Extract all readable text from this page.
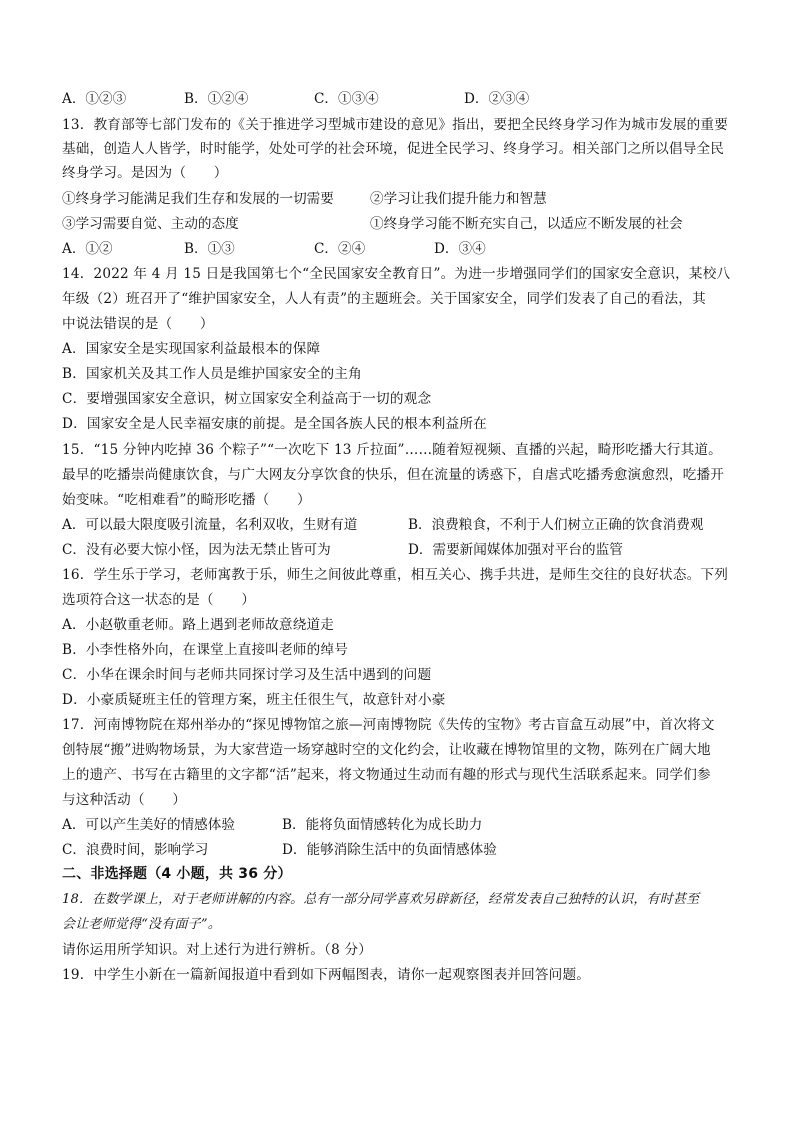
A．①②③	B．①②④	C．①③④	D．②③④
13．教育部等七部门发布的《关于推进学习型城市建设的意见》指出，要把全民终身学习作为城市发展的重要
基础，创造人人皆学，时时能学，处处可学的社会环境，促进全民学习、终身学习。相关部门之所以倡导全民
终身学习。是因为（　　）
①终身学习能满足我们生存和发展的一切需要	②学习让我们提升能力和智慧
③学习需要自觉、主动的态度	①终身学习能不断充实自己，以适应不断发展的社会
A．①②	B．①③	C．②④	D．③④
14．2022 年 4 月 15 日是我国第七个“全民国家安全教育日”。为进一步增强同学们的国家安全意识，某校八
年级（2）班召开了“维护国家安全，人人有责”的主题班会。关于国家安全，同学们发表了自己的看法，其
中说法错误的是（　　）
A．国家安全是实现国家利益最根本的保障
B．国家机关及其工作人员是维护国家安全的主角
C．要增强国家安全意识，树立国家安全利益高于一切的观念
D．国家安全是人民幸福安康的前提。是全国各族人民的根本利益所在
15．“15 分钟内吃掉 36 个粽子”“一次吃下 13 斤拉面”……随着短视频、直播的兴起，畸形吃播大行其道。
最早的吃播崇尚健康饮食，与广大网友分享饮食的快乐，但在流量的诱惑下，自虐式吃播秀愈演愈烈，吃播开
始变味。“吃相难看”的畸形吃播（　　）
A．可以最大限度吸引流量，名利双收，生财有道	B．浪费粮食，不利于人们树立正确的饮食消费观
C．没有必要大惊小怪，因为法无禁止皆可为	D．需要新闻媒体加强对平台的监管
16．学生乐于学习，老师寓教于乐，师生之间彼此尊重，相互关心、携手共进，是师生交往的良好状态。下列
选项符合这一状态的是（　　）
A．小赵敬重老师。路上遇到老师故意绕道走
B．小李性格外向，在课堂上直接叫老师的绰号
C．小华在课余时间与老师共同探讨学习及生活中遇到的问题
D．小豪质疑班主任的管理方案，班主任很生气，故意针对小豪
17．河南博物院在郑州举办的“探见博物馆之旅—河南博物院《失传的宝物》考古盲盒互动展”中，首次将文
创特展“搬”进购物场景，为大家营造一场穿越时空的文化约会，让收藏在博物馆里的文物，陈列在广阔大地
上的遗产、书写在古籍里的文字都“活”起来，将文物通过生动而有趣的形式与现代生活联系起来。同学们参
与这种活动（　　）
A．可以产生美好的情感体验	B．能将负面情感转化为成长助力
C．浪费时间，影响学习	D．能够消除生活中的负面情感体验
二、非选择题（4 小题，共 36 分）
18．在数学课上，对于老师讲解的内容。总有一部分同学喜欢另辟新径，经常发表自己独特的认识，有时甚至
会让老师觉得“没有面子”。
请你运用所学知识。对上述行为进行辨析。（8 分）
19．中学生小新在一篇新闻报道中看到如下两幅图表，请你一起观察图表并回答问题。
